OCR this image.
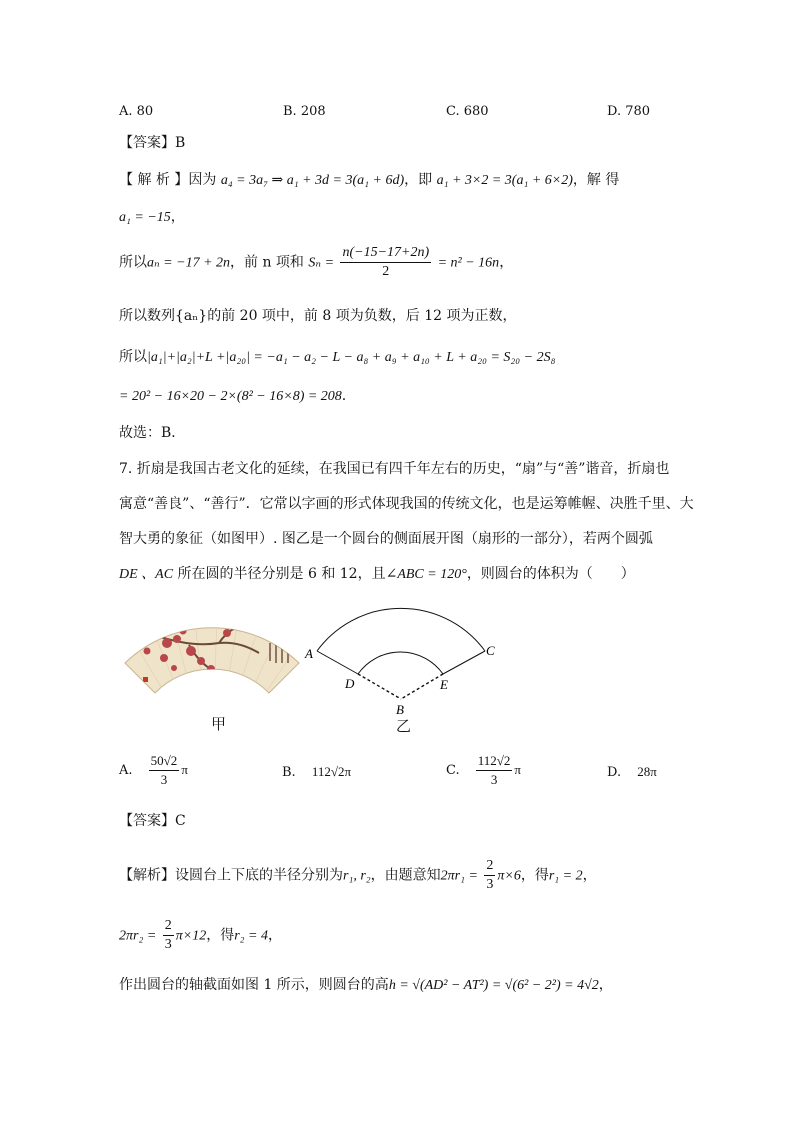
A. 80	B. 208	C. 680	D. 780
【答案】B
【 解 析 】因为 a₄ = 3a₇ ⇒ a₁ + 3d = 3(a₁ + 6d)，即 a₁ + 3×2 = 3(a₁ + 6×2)，解 得
a₁ = −15，
所以aₙ = −17 + 2n，前 n 项和 $S_n = \frac{n(-15-17+2n)}{2} = n^2 - 16n$，
所以数列{aₙ}的前 20 项中，前 8 项为负数，后 12 项为正数，
所以|a₁|+|a₂|+L +|a₂₀| = −a₁ − a₂ − L − a₈ + a₉ + a₁₀ + L + a₂₀ = S₂₀ − 2S₈
= 20² − 16×20 − 2×(8² − 16×8) = 208.
故选：B．
7. 折扇是我国古老文化的延续，在我国已有四千年左右的历史，“扇”与“善”谐音，折扇也
寓意“善良”、“善行”．它常以字画的形式体现我国的传统文化，也是运筹帷幄、决胜千里、大
智大勇的象征（如图甲）. 图乙是一个圆台的侧面展开图（扇形的一部分），若两个圆弧
DE 、AC 所在圆的半径分别是 6 和 12，且∠ABC = 120°，则圆台的体积为（　　）
甲
A	C
D	E
B
乙
A. $\frac{50√2}{3}$ π	B. 112√2π	C. $\frac{112√2}{3}$ π	D. 28π
【答案】C
【解析】设圆台上下底的半径分别为r₁, r₂，由题意知$2\pi r_1 = \frac{2}{3} \pi\times 6$，得r₁ = 2，
$2\pi r_2 = \frac{2}{3} \pi\times 12$，得r₂ = 4，
作出圆台的轴截面如图 1 所示，则圆台的高h = √(AD² − AT²) = √(6² − 2²) = 4√2，
